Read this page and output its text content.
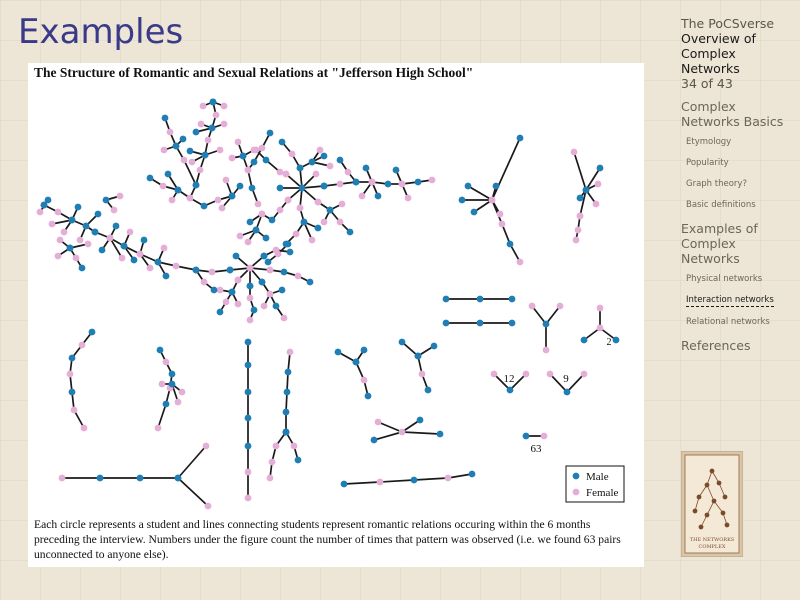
Examples
The Structure of Romantic and Sexual Relations at "Jefferson High School"
2
12	9
63
Male
Female
Each circle represents a student and lines connecting students represent romantic relations occuring within the 6 months preceding the interview. Numbers under the figure count the number of times that pattern was observed (i.e. we found 63 pairs unconnected to anyone else).
The PoCSverse
Overview of Complex Networks
34 of 43
Complex Networks Basics
Etymology
Popularity
Graph theory?
Basic definitions
Examples of Complex Networks
Physical networks
Interaction networks
Relational networks
References
THE NETWORKS
COMPLEX
